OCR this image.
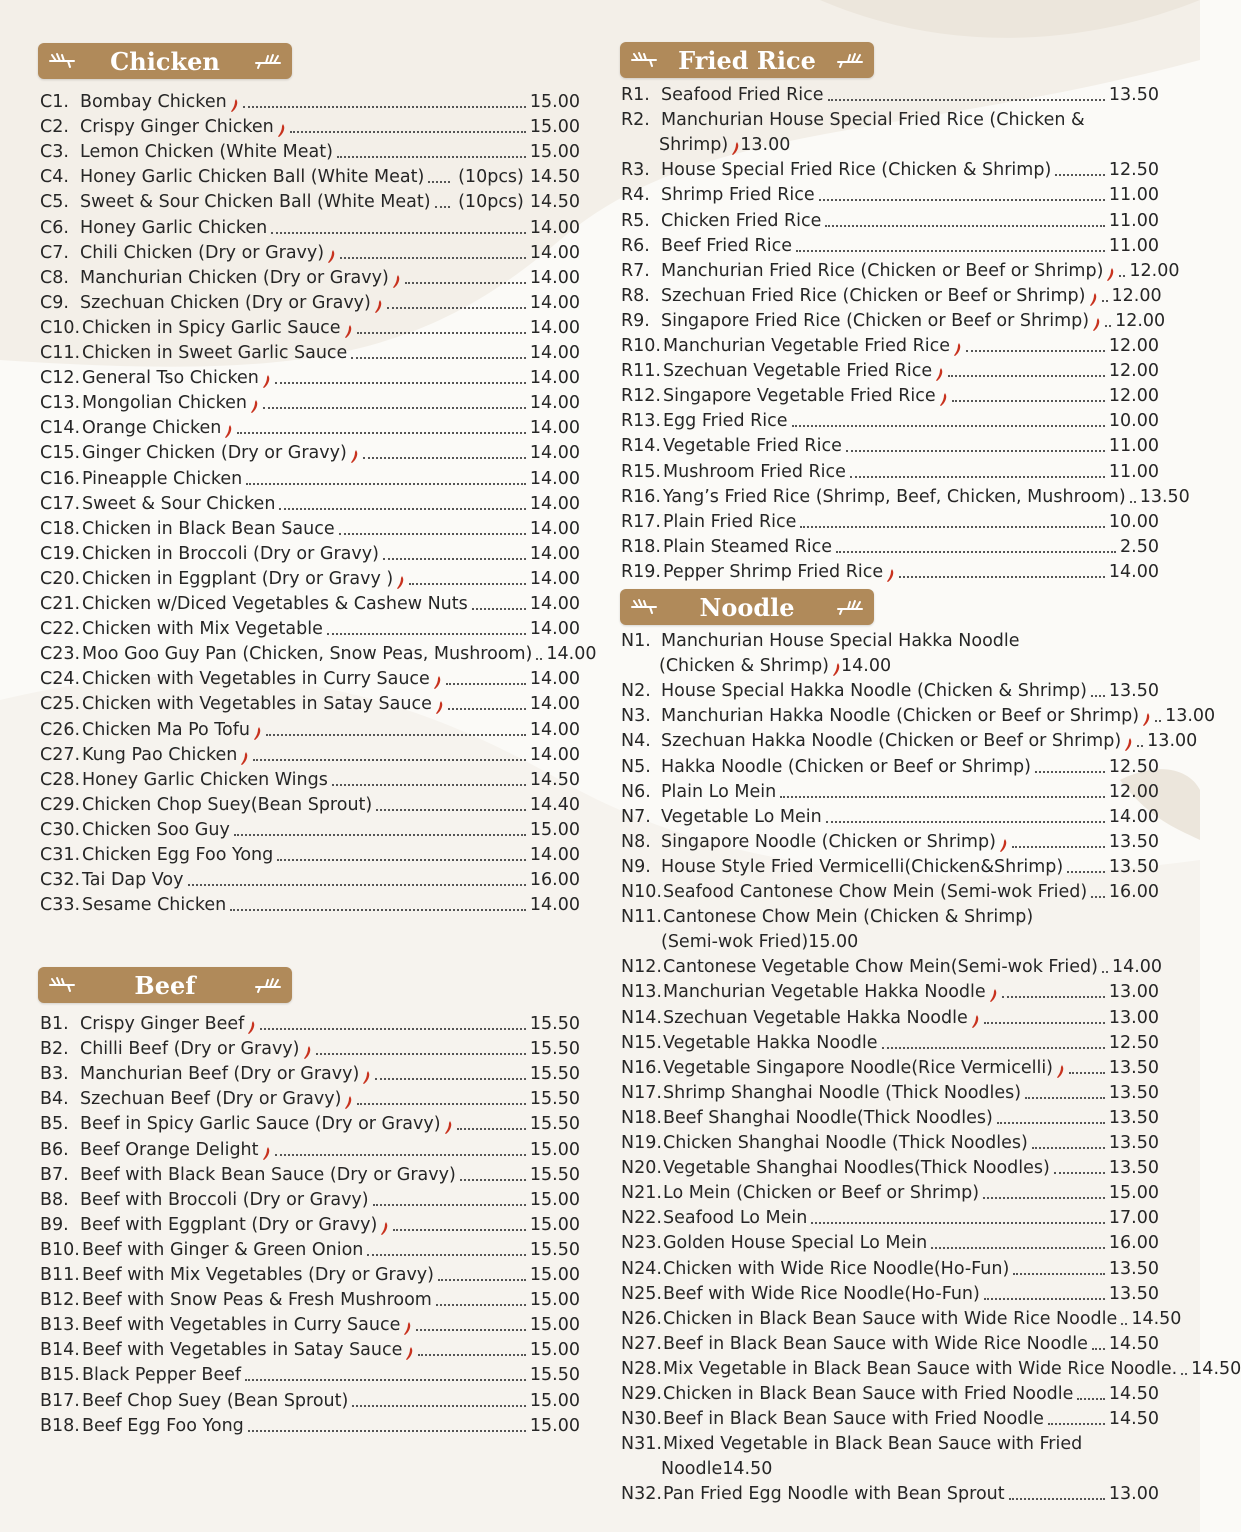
Chicken
C1. Bombay Chicken	15.00
C2. Crispy Ginger Chicken	15.00
C3. Lemon Chicken (White Meat)	15.00
C4. Honey Garlic Chicken Ball (White Meat) (10pcs) 14.50
C5. Sweet & Sour Chicken Ball (White Meat) (10pcs) 14.50
C6. Honey Garlic Chicken	14.00
C7. Chili Chicken (Dry or Gravy)	14.00
C8. Manchurian Chicken (Dry or Gravy)	14.00
C9. Szechuan Chicken (Dry or Gravy)	14.00
C10. Chicken in Spicy Garlic Sauce	14.00
C11. Chicken in Sweet Garlic Sauce	14.00
C12. General Tso Chicken	14.00
C13. Mongolian Chicken	14.00
C14. Orange Chicken	14.00
C15. Ginger Chicken (Dry or Gravy)	14.00
C16. Pineapple Chicken	14.00
C17. Sweet & Sour Chicken	14.00
C18. Chicken in Black Bean Sauce	14.00
C19. Chicken in Broccoli (Dry or Gravy)	14.00
C20. Chicken in Eggplant (Dry or Gravy )	14.00
C21. Chicken w/Diced Vegetables & Cashew Nuts	14.00
C22. Chicken with Mix Vegetable	14.00
C23. Moo Goo Guy Pan (Chicken, Snow Peas, Mushroom) 14.00
C24. Chicken with Vegetables in Curry Sauce	14.00
C25. Chicken with Vegetables in Satay Sauce	14.00
C26. Chicken Ma Po Tofu	14.00
C27. Kung Pao Chicken	14.00
C28. Honey Garlic Chicken Wings	14.50
C29. Chicken Chop Suey(Bean Sprout)	14.40
C30. Chicken Soo Guy	15.00
C31. Chicken Egg Foo Yong	14.00
C32. Tai Dap Voy	16.00
C33. Sesame Chicken	14.00
Beef
B1. Crispy Ginger Beef	15.50
B2. Chilli Beef (Dry or Gravy)	15.50
B3. Manchurian Beef (Dry or Gravy)	15.50
B4. Szechuan Beef (Dry or Gravy)	15.50
B5. Beef in Spicy Garlic Sauce (Dry or Gravy)	15.50
B6. Beef Orange Delight	15.00
B7. Beef with Black Bean Sauce (Dry or Gravy)	15.50
B8. Beef with Broccoli (Dry or Gravy)	15.00
B9. Beef with Eggplant (Dry or Gravy)	15.00
B10. Beef with Ginger & Green Onion	15.50
B11. Beef with Mix Vegetables (Dry or Gravy)	15.00
B12. Beef with Snow Peas & Fresh Mushroom	15.00
B13. Beef with Vegetables in Curry Sauce	15.00
B14. Beef with Vegetables in Satay Sauce	15.00
B15. Black Pepper Beef	15.50
B17. Beef Chop Suey (Bean Sprout)	15.00
B18. Beef Egg Foo Yong	15.00
Fried Rice
R1. Seafood Fried Rice	13.50
R2. Manchurian House Special Fried Rice (Chicken &
Shrimp) 13.00
R3. House Special Fried Rice (Chicken & Shrimp)	12.50
R4. Shrimp Fried Rice	11.00
R5. Chicken Fried Rice	11.00
R6. Beef Fried Rice	11.00
R7. Manchurian Fried Rice (Chicken or Beef or Shrimp) 12.00
R8. Szechuan Fried Rice (Chicken or Beef or Shrimp) 12.00
R9. Singapore Fried Rice (Chicken or Beef or Shrimp) 12.00
R10. Manchurian Vegetable Fried Rice	12.00
R11. Szechuan Vegetable Fried Rice	12.00
R12. Singapore Vegetable Fried Rice	12.00
R13. Egg Fried Rice	10.00
R14. Vegetable Fried Rice	11.00
R15. Mushroom Fried Rice	11.00
R16. Yang’s Fried Rice (Shrimp, Beef, Chicken, Mushroom) 13.50
R17. Plain Fried Rice	10.00
R18. Plain Steamed Rice	2.50
R19. Pepper Shrimp Fried Rice	14.00
Noodle
N1. Manchurian House Special Hakka Noodle
(Chicken & Shrimp) 14.00
N2. House Special Hakka Noodle (Chicken & Shrimp) 13.50
N3. Manchurian Hakka Noodle (Chicken or Beef or Shrimp) 13.00
N4. Szechuan Hakka Noodle (Chicken or Beef or Shrimp) 13.00
N5. Hakka Noodle (Chicken or Beef or Shrimp)	12.50
N6. Plain Lo Mein	12.00
N7. Vegetable Lo Mein	14.00
N8. Singapore Noodle (Chicken or Shrimp)	13.50
N9. House Style Fried Vermicelli(Chicken&Shrimp)	13.50
N10. Seafood Cantonese Chow Mein (Semi-wok Fried) 16.00
N11. Cantonese Chow Mein (Chicken & Shrimp)
(Semi-wok Fried) 15.00
N12. Cantonese Vegetable Chow Mein(Semi-wok Fried) 14.00
N13. Manchurian Vegetable Hakka Noodle	13.00
N14. Szechuan Vegetable Hakka Noodle	13.00
N15. Vegetable Hakka Noodle	12.50
N16. Vegetable Singapore Noodle(Rice Vermicelli)	13.50
N17. Shrimp Shanghai Noodle (Thick Noodles)	13.50
N18. Beef Shanghai Noodle(Thick Noodles)	13.50
N19. Chicken Shanghai Noodle (Thick Noodles)	13.50
N20. Vegetable Shanghai Noodles(Thick Noodles)	13.50
N21. Lo Mein (Chicken or Beef or Shrimp)	15.00
N22. Seafood Lo Mein	17.00
N23. Golden House Special Lo Mein	16.00
N24. Chicken with Wide Rice Noodle(Ho-Fun)	13.50
N25. Beef with Wide Rice Noodle(Ho-Fun)	13.50
N26. Chicken in Black Bean Sauce with Wide Rice Noodle 14.50
N27. Beef in Black Bean Sauce with Wide Rice Noodle 14.50
N28. Mix Vegetable in Black Bean Sauce with Wide Rice Noodle. 14.50
N29. Chicken in Black Bean Sauce with Fried Noodle 14.50
N30. Beef in Black Bean Sauce with Fried Noodle	14.50
N31. Mixed Vegetable in Black Bean Sauce with Fried
Noodle 14.50
N32. Pan Fried Egg Noodle with Bean Sprout	13.00
